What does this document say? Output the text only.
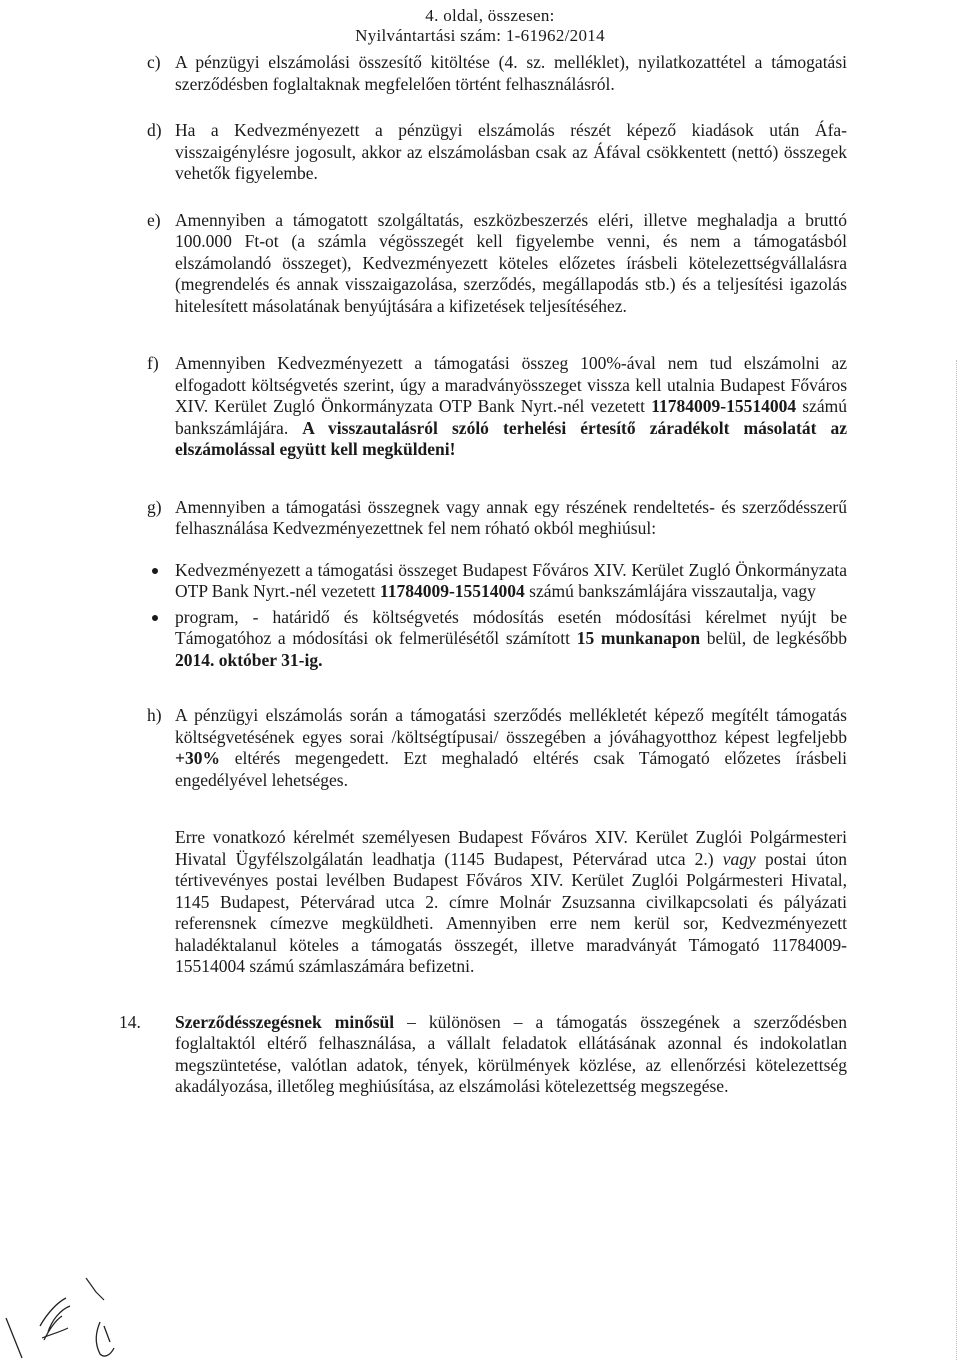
4. oldal, összesen:
Nyilvántartási szám: 1-61962/2014
c) A pénzügyi elszámolási összesítő kitöltése (4. sz. melléklet), nyilatkozattétel a támogatási szerződésben foglaltaknak megfelelően történt felhasználásról.
d) Ha a Kedvezményezett a pénzügyi elszámolás részét képező kiadások után Áfa-visszaigénylésre jogosult, akkor az elszámolásban csak az Áfával csökkentett (nettó) összegek vehetők figyelembe.
e) Amennyiben a támogatott szolgáltatás, eszközbeszerzés eléri, illetve meghaladja a bruttó 100.000 Ft-ot (a számla végösszegét kell figyelembe venni, és nem a támogatásból elszámolandó összeget), Kedvezményezett köteles előzetes írásbeli kötelezettségvállalásra (megrendelés és annak visszaigazolása, szerződés, megállapodás stb.) és a teljesítési igazolás hitelesített másolatának benyújtására a kifizetések teljesítéséhez.
f) Amennyiben Kedvezményezett a támogatási összeg 100%-ával nem tud elszámolni az elfogadott költségvetés szerint, úgy a maradványösszeget vissza kell utalnia Budapest Főváros XIV. Kerület Zugló Önkormányzata OTP Bank Nyrt.-nél vezetett 11784009-15514004 számú bankszámlájára. A visszautalásról szóló terhelési értesítő záradékolt másolatát az elszámolással együtt kell megküldeni!
g) Amennyiben a támogatási összegnek vagy annak egy részének rendeltetés- és szerződésszerű felhasználása Kedvezményezettnek fel nem róható okból meghiúsul:
Kedvezményezett a támogatási összeget Budapest Főváros XIV. Kerület Zugló Önkormányzata OTP Bank Nyrt.-nél vezetett 11784009-15514004 számú bankszámlájára visszautalja, vagy
program, - határidő és költségvetés módosítás esetén módosítási kérelmet nyújt be Támogatóhoz a módosítási ok felmerülésétől számított 15 munkanapon belül, de legkésőbb 2014. október 31-ig.
h) A pénzügyi elszámolás során a támogatási szerződés mellékletét képező megítélt támogatás költségvetésének egyes sorai /költségtípusai/ összegében a jóváhagyotthoz képest legfeljebb +30% eltérés megengedett. Ezt meghaladó eltérés csak Támogató előzetes írásbeli engedélyével lehetséges.
Erre vonatkozó kérelmét személyesen Budapest Főváros XIV. Kerület Zuglói Polgármesteri Hivatal Ügyfélszolgálatán leadhatja (1145 Budapest, Pétervárad utca 2.) vagy postai úton tértivevényes postai levélben Budapest Főváros XIV. Kerület Zuglói Polgármesteri Hivatal, 1145 Budapest, Pétervárad utca 2. címre Molnár Zsuzsanna civilkapcsolati és pályázati referensnek címezve megküldheti. Amennyiben erre nem kerül sor, Kedvezményezett haladéktalanul köteles a támogatás összegét, illetve maradványát Támogató 11784009-15514004 számú számlaszámára befizetni.
14. Szerződésszegésnek minősül – különösen – a támogatás összegének a szerződésben foglaltaktól eltérő felhasználása, a vállalt feladatok ellátásának azonnal és indokolatlan megszüntetése, valótlan adatok, tények, körülmények közlése, az ellenőrzési kötelezettség akadályozása, illetőleg meghiúsítása, az elszámolási kötelezettség megszegése.
